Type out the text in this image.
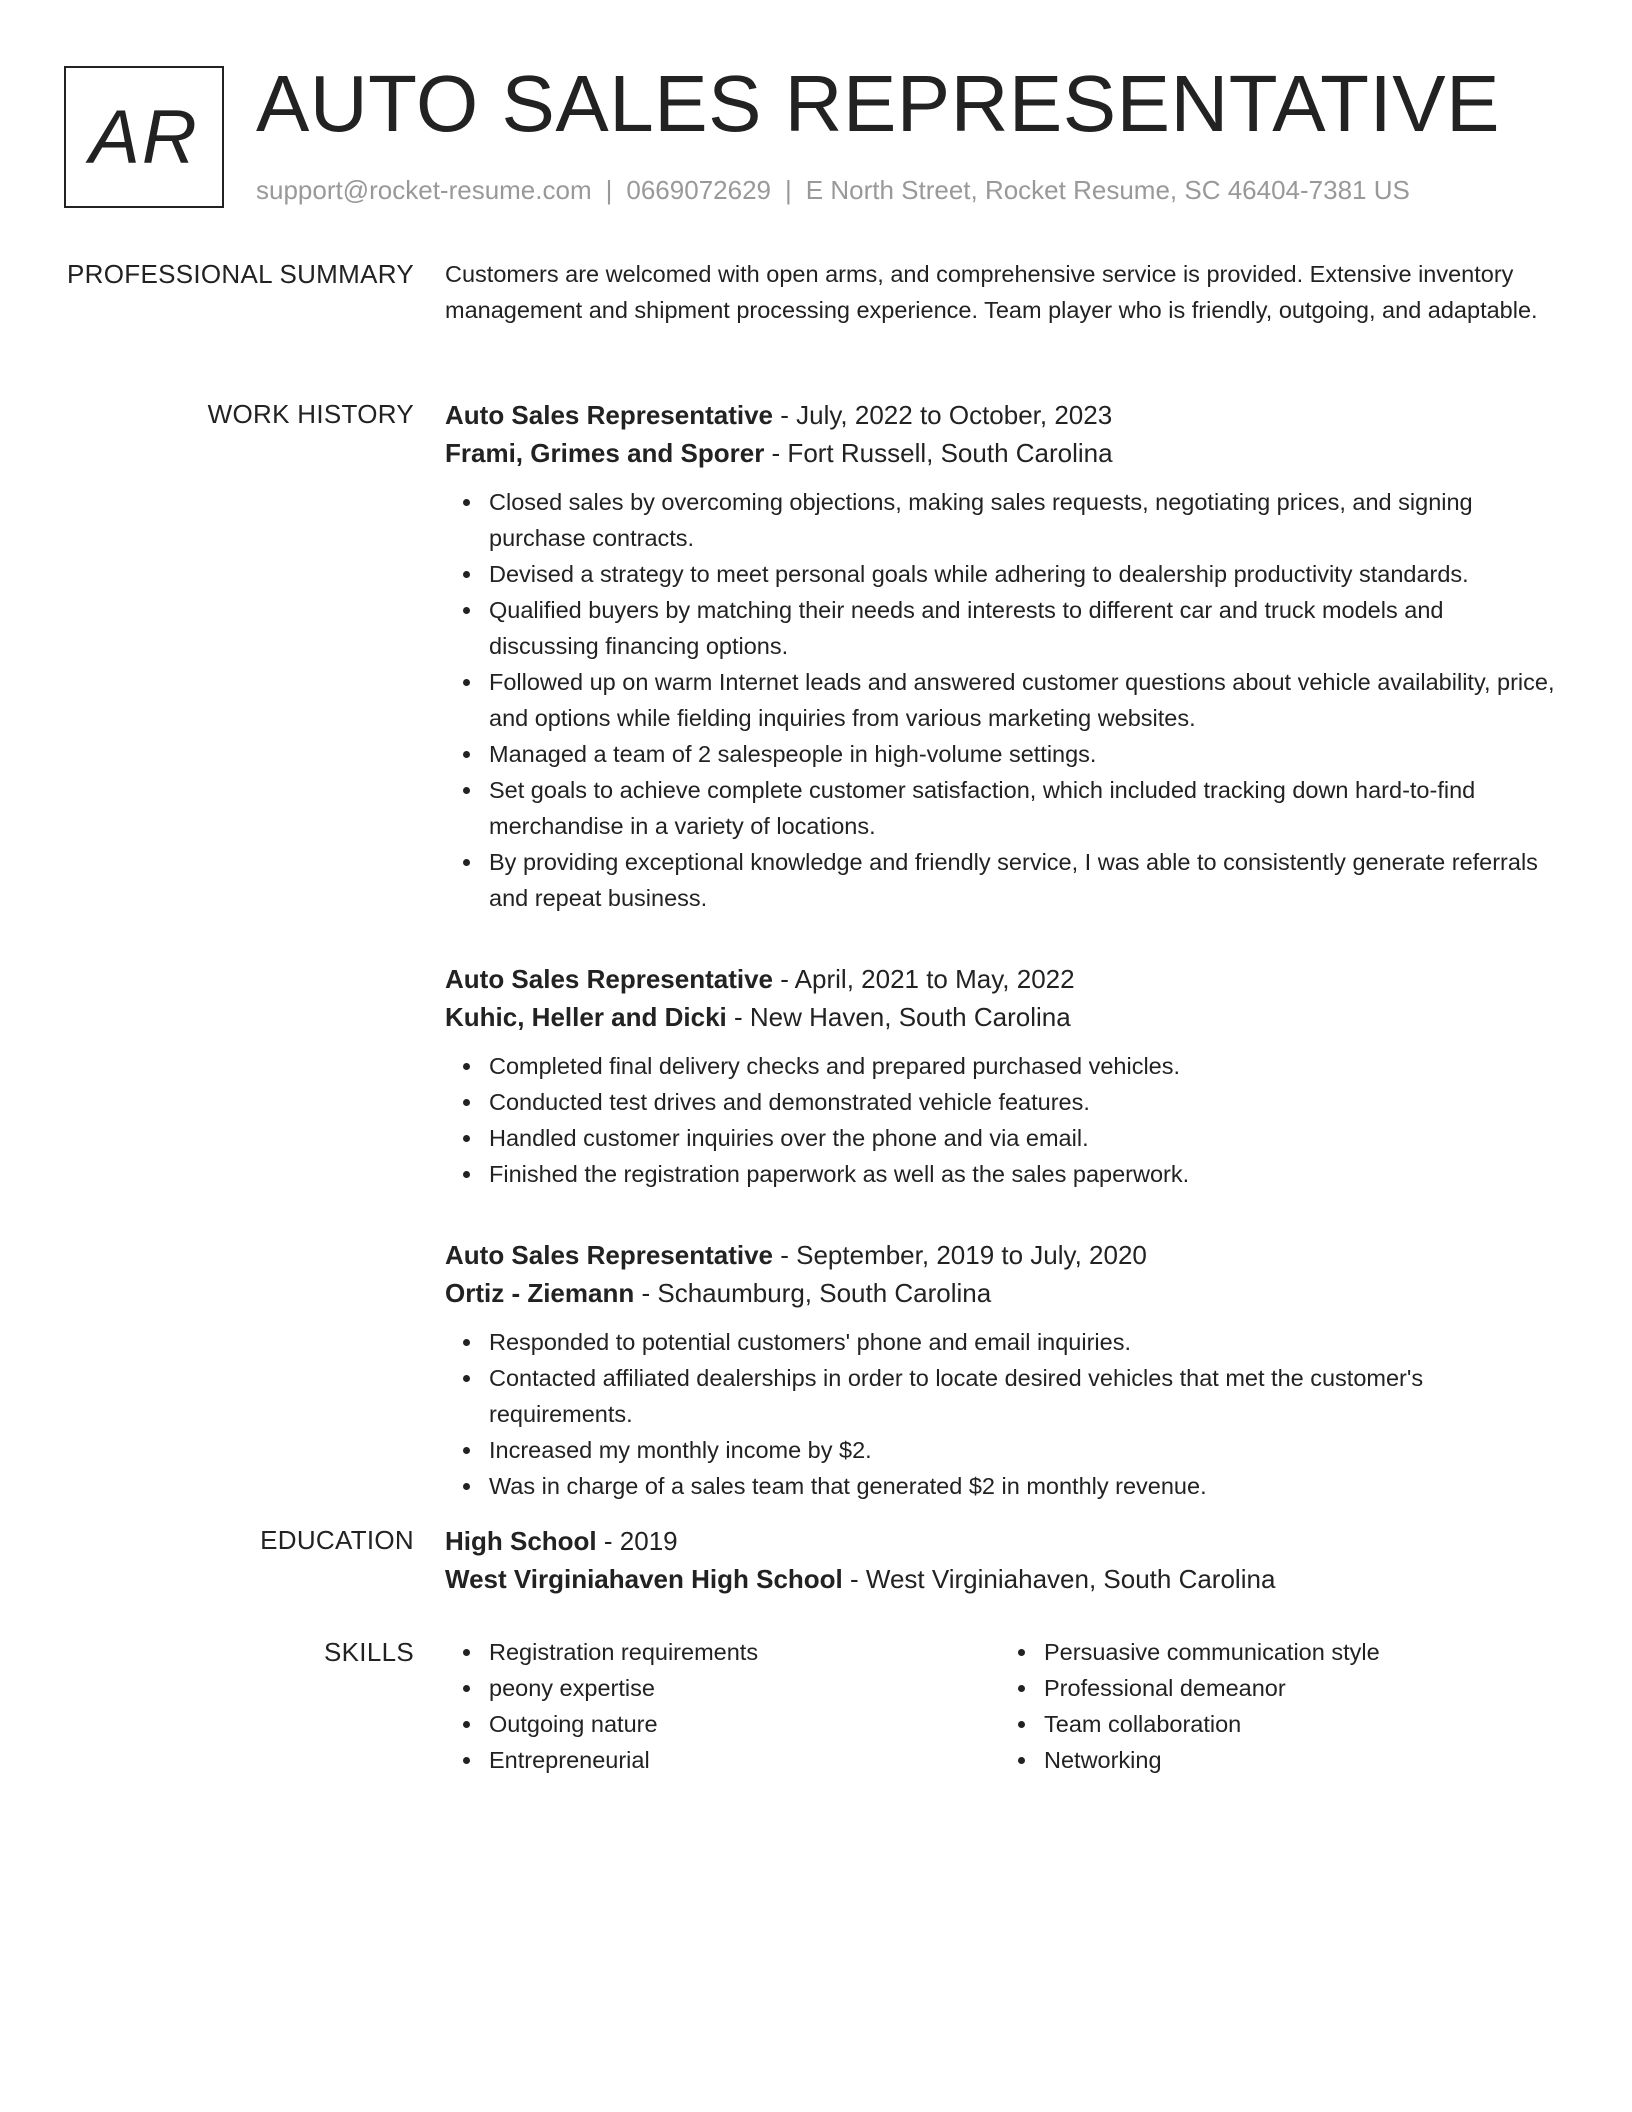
AR AUTO SALES REPRESENTATIVE
support@rocket-resume.com | 0669072629 | E North Street, Rocket Resume, SC 46404-7381 US
PROFESSIONAL SUMMARY Customers are welcomed with open arms, and comprehensive service is provided. Extensive inventory management and shipment processing experience. Team player who is friendly, outgoing, and adaptable.

WORK HISTORY Auto Sales Representative - July, 2022 to October, 2023
Frami, Grimes and Sporer - Fort Russell, South Carolina
Closed sales by overcoming objections, making sales requests, negotiating prices, and signing purchase contracts.
Devised a strategy to meet personal goals while adhering to dealership productivity standards.
Qualified buyers by matching their needs and interests to different car and truck models and discussing financing options.
Followed up on warm Internet leads and answered customer questions about vehicle availability, price, and options while fielding inquiries from various marketing websites.
Managed a team of 2 salespeople in high-volume settings.
Set goals to achieve complete customer satisfaction, which included tracking down hard-to-find merchandise in a variety of locations.
By providing exceptional knowledge and friendly service, I was able to consistently generate referrals and repeat business.
Auto Sales Representative - April, 2021 to May, 2022
Kuhic, Heller and Dicki - New Haven, South Carolina
Completed final delivery checks and prepared purchased vehicles.
Conducted test drives and demonstrated vehicle features.
Handled customer inquiries over the phone and via email.
Finished the registration paperwork as well as the sales paperwork.
Auto Sales Representative - September, 2019 to July, 2020
Ortiz - Ziemann - Schaumburg, South Carolina
Responded to potential customers' phone and email inquiries.
Contacted affiliated dealerships in order to locate desired vehicles that met the customer's requirements.
Increased my monthly income by $2.
Was in charge of a sales team that generated $2 in monthly revenue.
EDUCATION High School - 2019
West Virginiahaven High School - West Virginiahaven, South Carolina
SKILLS	Registration requirements
peony expertise
Outgoing nature
Entrepreneurial
Persuasive communication style
Professional demeanor
Team collaboration
Networking
